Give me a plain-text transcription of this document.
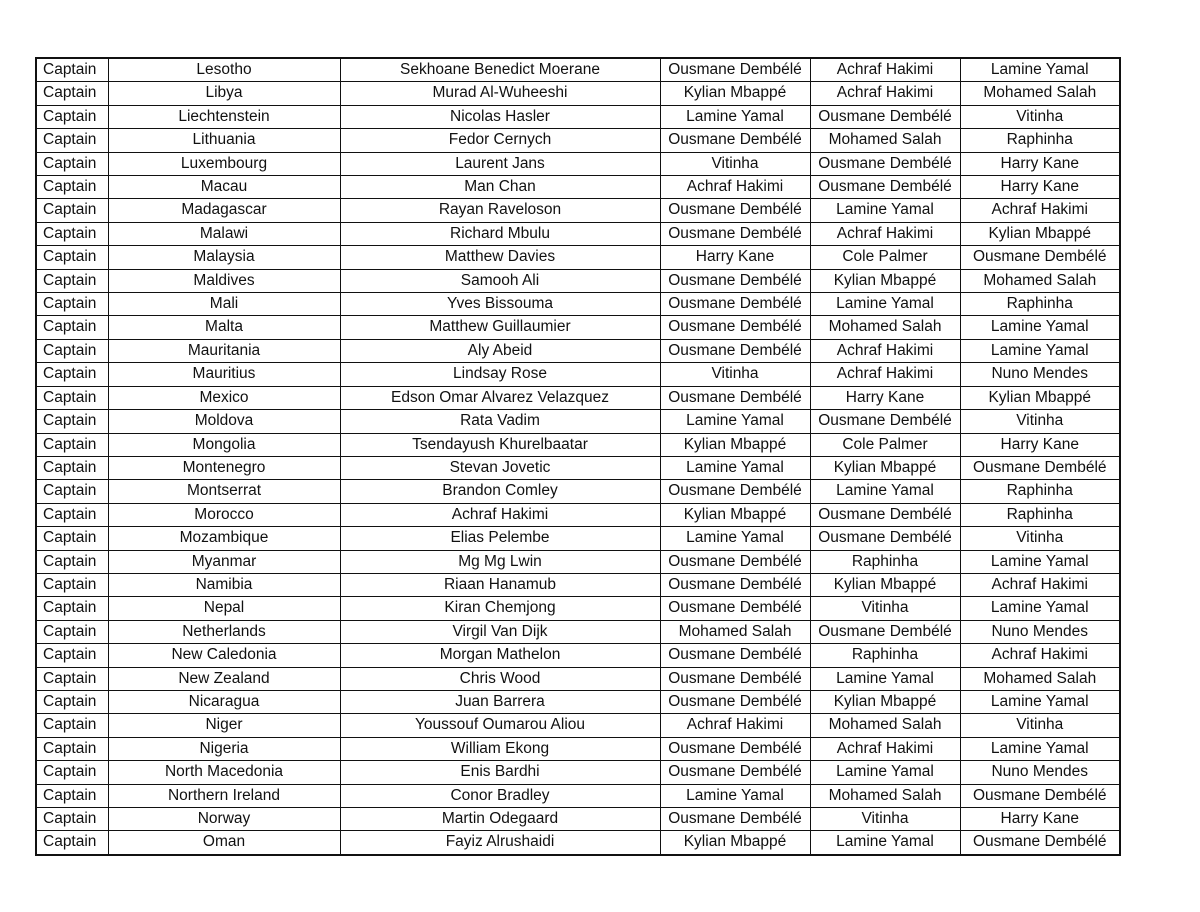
Captain	Lesotho	Sekhoane Benedict Moerane	Ousmane Dembélé	Achraf Hakimi	Lamine Yamal
Captain	Libya	Murad Al-Wuheeshi	Kylian Mbappé	Achraf Hakimi	Mohamed Salah
Captain	Liechtenstein	Nicolas Hasler	Lamine Yamal	Ousmane Dembélé	Vitinha
Captain	Lithuania	Fedor Cernych	Ousmane Dembélé	Mohamed Salah	Raphinha
Captain	Luxembourg	Laurent Jans	Vitinha	Ousmane Dembélé	Harry Kane
Captain	Macau	Man Chan	Achraf Hakimi	Ousmane Dembélé	Harry Kane
Captain	Madagascar	Rayan Raveloson	Ousmane Dembélé	Lamine Yamal	Achraf Hakimi
Captain	Malawi	Richard Mbulu	Ousmane Dembélé	Achraf Hakimi	Kylian Mbappé
Captain	Malaysia	Matthew Davies	Harry Kane	Cole Palmer	Ousmane Dembélé
Captain	Maldives	Samooh Ali	Ousmane Dembélé	Kylian Mbappé	Mohamed Salah
Captain	Mali	Yves Bissouma	Ousmane Dembélé	Lamine Yamal	Raphinha
Captain	Malta	Matthew Guillaumier	Ousmane Dembélé	Mohamed Salah	Lamine Yamal
Captain	Mauritania	Aly Abeid	Ousmane Dembélé	Achraf Hakimi	Lamine Yamal
Captain	Mauritius	Lindsay Rose	Vitinha	Achraf Hakimi	Nuno Mendes
Captain	Mexico	Edson Omar Alvarez Velazquez	Ousmane Dembélé	Harry Kane	Kylian Mbappé
Captain	Moldova	Rata Vadim	Lamine Yamal	Ousmane Dembélé	Vitinha
Captain	Mongolia	Tsendayush Khurelbaatar	Kylian Mbappé	Cole Palmer	Harry Kane
Captain	Montenegro	Stevan Jovetic	Lamine Yamal	Kylian Mbappé	Ousmane Dembélé
Captain	Montserrat	Brandon Comley	Ousmane Dembélé	Lamine Yamal	Raphinha
Captain	Morocco	Achraf Hakimi	Kylian Mbappé	Ousmane Dembélé	Raphinha
Captain	Mozambique	Elias Pelembe	Lamine Yamal	Ousmane Dembélé	Vitinha
Captain	Myanmar	Mg Mg Lwin	Ousmane Dembélé	Raphinha	Lamine Yamal
Captain	Namibia	Riaan Hanamub	Ousmane Dembélé	Kylian Mbappé	Achraf Hakimi
Captain	Nepal	Kiran Chemjong	Ousmane Dembélé	Vitinha	Lamine Yamal
Captain	Netherlands	Virgil Van Dijk	Mohamed Salah	Ousmane Dembélé	Nuno Mendes
Captain	New Caledonia	Morgan Mathelon	Ousmane Dembélé	Raphinha	Achraf Hakimi
Captain	New Zealand	Chris Wood	Ousmane Dembélé	Lamine Yamal	Mohamed Salah
Captain	Nicaragua	Juan Barrera	Ousmane Dembélé	Kylian Mbappé	Lamine Yamal
Captain	Niger	Youssouf Oumarou Aliou	Achraf Hakimi	Mohamed Salah	Vitinha
Captain	Nigeria	William Ekong	Ousmane Dembélé	Achraf Hakimi	Lamine Yamal
Captain	North Macedonia	Enis Bardhi	Ousmane Dembélé	Lamine Yamal	Nuno Mendes
Captain	Northern Ireland	Conor Bradley	Lamine Yamal	Mohamed Salah	Ousmane Dembélé
Captain	Norway	Martin Odegaard	Ousmane Dembélé	Vitinha	Harry Kane
Captain	Oman	Fayiz Alrushaidi	Kylian Mbappé	Lamine Yamal	Ousmane Dembélé
